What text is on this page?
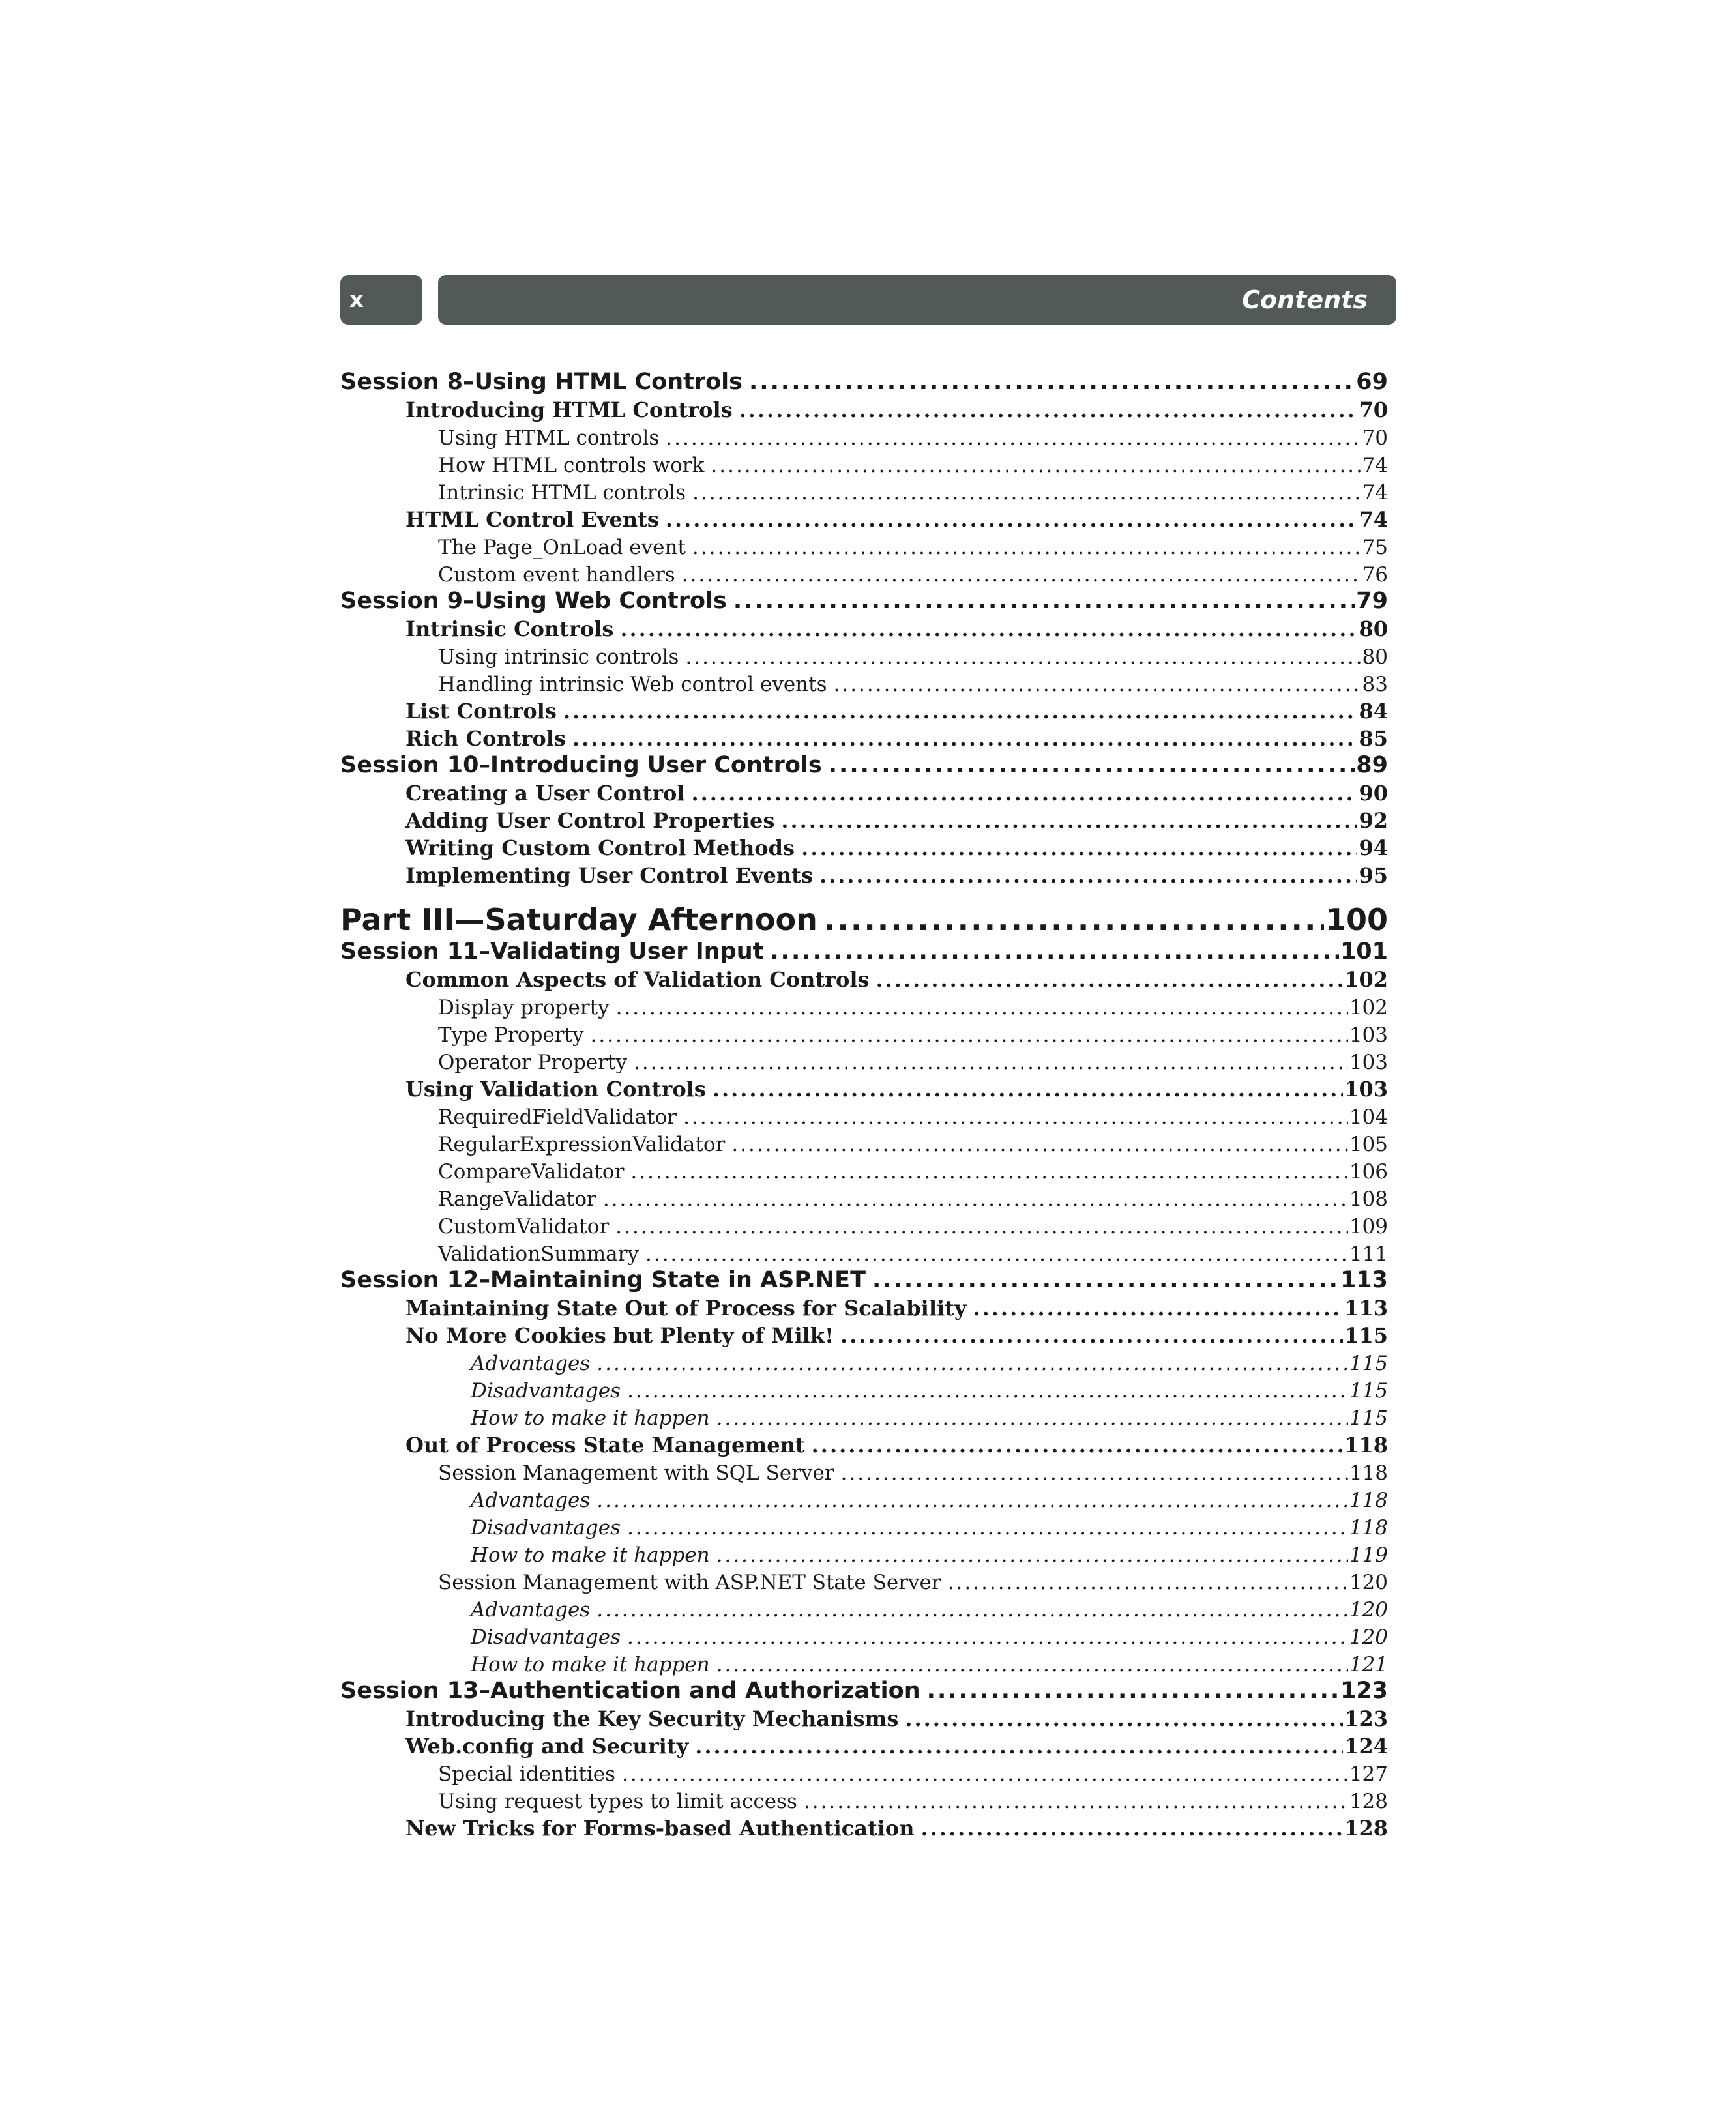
x	Contents
Session 8–Using HTML Controls .....	69
Introducing HTML Controls .....	70
Using HTML controls .....	70
How HTML controls work .....	74
Intrinsic HTML controls .....	74
HTML Control Events .....	74
The Page_OnLoad event .....	75
Custom event handlers .....	76
Session 9–Using Web Controls .....	79
Intrinsic Controls .....	80
Using intrinsic controls .....	80
Handling intrinsic Web control events .....	83
List Controls .....	84
Rich Controls .....	85
Session 10–Introducing User Controls .....	89
Creating a User Control .....	90
Adding User Control Properties .....	92
Writing Custom Control Methods .....	94
Implementing User Control Events .....	95
Part III—Saturday Afternoon .....	100
Session 11–Validating User Input .....	101
Common Aspects of Validation Controls .....	102
Display property .....	102
Type Property .....	103
Operator Property .....	103
Using Validation Controls .....	103
RequiredFieldValidator .....	104
RegularExpressionValidator .....	105
CompareValidator .....	106
RangeValidator .....	108
CustomValidator .....	109
ValidationSummary .....	111
Session 12–Maintaining State in ASP.NET .....	113
Maintaining State Out of Process for Scalability .....	113
No More Cookies but Plenty of Milk! .....	115
Advantages .....	115
Disadvantages .....	115
How to make it happen .....	115
Out of Process State Management .....	118
Session Management with SQL Server .....	118
Advantages .....	118
Disadvantages .....	118
How to make it happen .....	119
Session Management with ASP.NET State Server .....	120
Advantages .....	120
Disadvantages .....	120
How to make it happen .....	121
Session 13–Authentication and Authorization .....	123
Introducing the Key Security Mechanisms .....	123
Web.config and Security .....	124
Special identities .....	127
Using request types to limit access .....	128
New Tricks for Forms-based Authentication .....	128
